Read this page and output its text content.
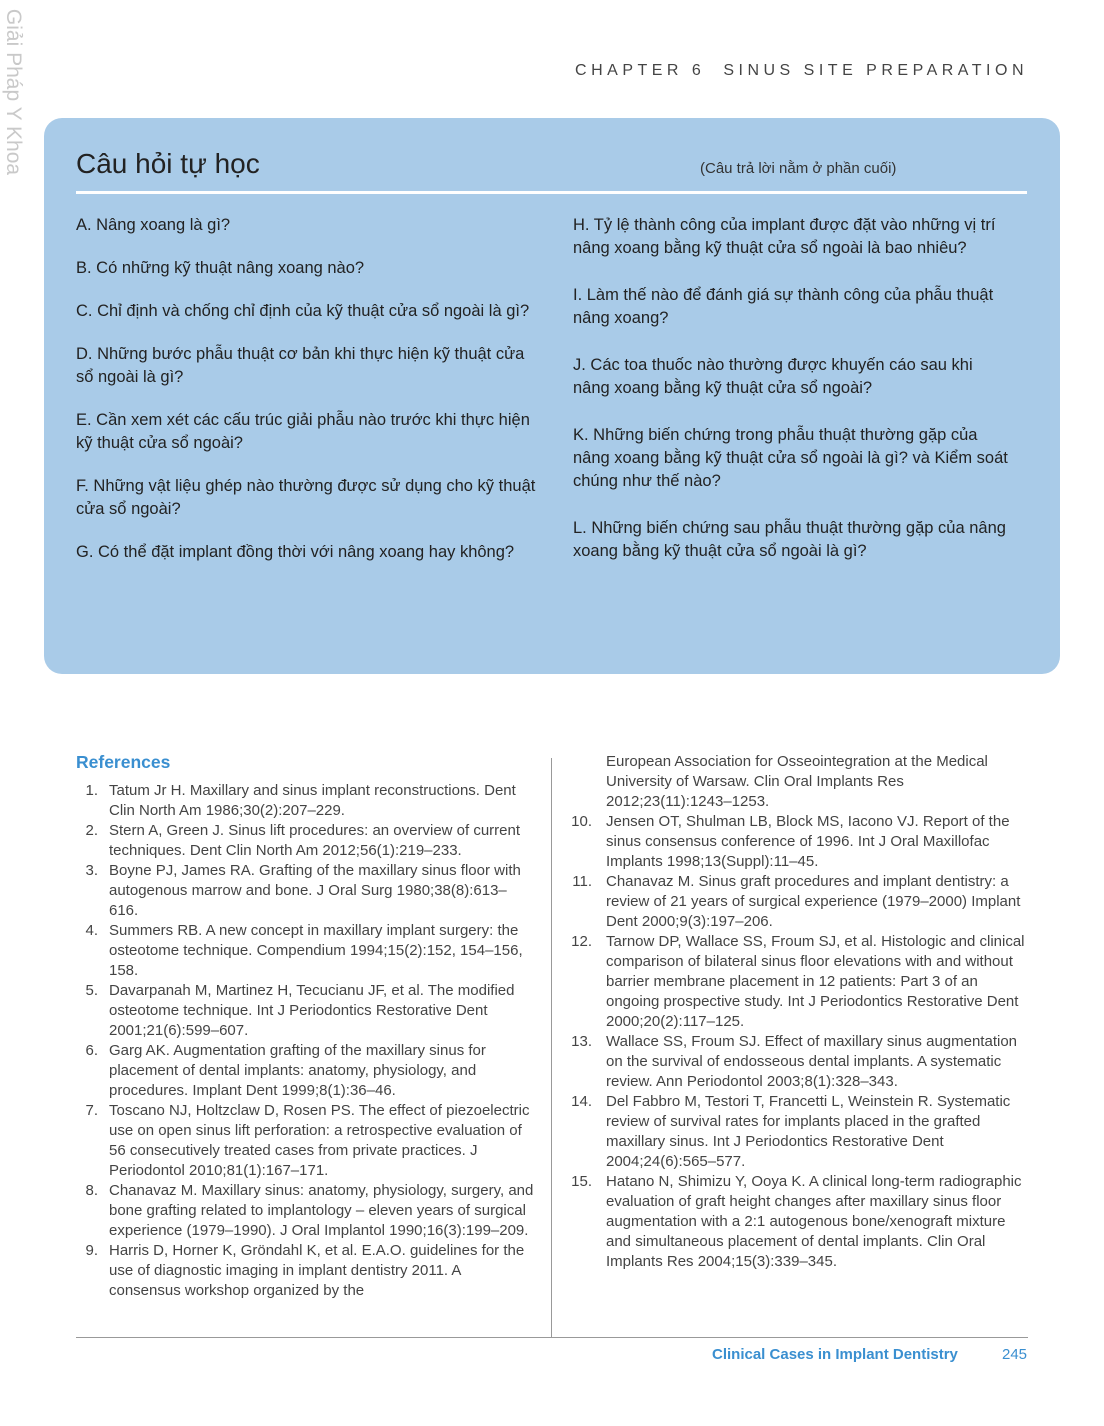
Giải Pháp Y Khoa	CHAPTER 6 SINUS SITE PREPARATION
Câu hỏi tự học	(Câu trả lời nằm ở phần cuối)

A. Nâng xoang là gì?

B. Có những kỹ thuật nâng xoang nào?

C. Chỉ định và chống chỉ định của kỹ thuật cửa sổ ngoài là gì?

D. Những bước phẫu thuật cơ bản khi thực hiện kỹ thuật cửa sổ ngoài là gì?

E. Cần xem xét các cấu trúc giải phẫu nào trước khi thực hiện kỹ thuật cửa sổ ngoài?

F. Những vật liệu ghép nào thường được sử dụng cho kỹ thuật cửa sổ ngoài?

G. Có thể đặt implant đồng thời với nâng xoang hay không?

H. Tỷ lệ thành công của implant được đặt vào những vị trí nâng xoang bằng kỹ thuật cửa sổ ngoài là bao nhiêu?

I. Làm thế nào để đánh giá sự thành công của phẫu thuật nâng xoang?

J. Các toa thuốc nào thường được khuyến cáo sau khi nâng xoang bằng kỹ thuật cửa sổ ngoài?

K. Những biến chứng trong phẫu thuật thường gặp của nâng xoang bằng kỹ thuật cửa sổ ngoài là gì? và Kiểm soát chúng như thế nào?

L. Những biến chứng sau phẫu thuật thường gặp của nâng xoang bằng kỹ thuật cửa sổ ngoài là gì?

References
1. Tatum Jr H. Maxillary and sinus implant reconstructions. Dent Clin North Am 1986;30(2):207–229.
2. Stern A, Green J. Sinus lift procedures: an overview of current techniques. Dent Clin North Am 2012;56(1):219–233.
3. Boyne PJ, James RA. Grafting of the maxillary sinus floor with autogenous marrow and bone. J Oral Surg 1980;38(8):613–616.
4. Summers RB. A new concept in maxillary implant surgery: the osteotome technique. Compendium 1994;15(2):152, 154–156, 158.
5. Davarpanah M, Martinez H, Tecucianu JF, et al. The modified osteotome technique. Int J Periodontics Restorative Dent 2001;21(6):599–607.
6. Garg AK. Augmentation grafting of the maxillary sinus for placement of dental implants: anatomy, physiology, and procedures. Implant Dent 1999;8(1):36–46.
7. Toscano NJ, Holtzclaw D, Rosen PS. The effect of piezoelectric use on open sinus lift perforation: a retrospective evaluation of 56 consecutively treated cases from private practices. J Periodontol 2010;81(1):167–171.
8. Chanavaz M. Maxillary sinus: anatomy, physiology, surgery, and bone grafting related to implantology – eleven years of surgical experience (1979–1990). J Oral Implantol 1990;16(3):199–209.
9. Harris D, Horner K, Gröndahl K, et al. E.A.O. guidelines for the use of diagnostic imaging in implant dentistry 2011. A consensus workshop organized by the
European Association for Osseointegration at the Medical University of Warsaw. Clin Oral Implants Res 2012;23(11):1243–1253.
10. Jensen OT, Shulman LB, Block MS, Iacono VJ. Report of the sinus consensus conference of 1996. Int J Oral Maxillofac Implants 1998;13(Suppl):11–45.
11. Chanavaz M. Sinus graft procedures and implant dentistry: a review of 21 years of surgical experience (1979–2000) Implant Dent 2000;9(3):197–206.
12. Tarnow DP, Wallace SS, Froum SJ, et al. Histologic and clinical comparison of bilateral sinus floor elevations with and without barrier membrane placement in 12 patients: Part 3 of an ongoing prospective study. Int J Periodontics Restorative Dent 2000;20(2):117–125.
13. Wallace SS, Froum SJ. Effect of maxillary sinus augmentation on the survival of endosseous dental implants. A systematic review. Ann Periodontol 2003;8(1):328–343.
14. Del Fabbro M, Testori T, Francetti L, Weinstein R. Systematic review of survival rates for implants placed in the grafted maxillary sinus. Int J Periodontics Restorative Dent 2004;24(6):565–577.
15. Hatano N, Shimizu Y, Ooya K. A clinical long-term radiographic evaluation of graft height changes after maxillary sinus floor augmentation with a 2:1 autogenous bone/xenograft mixture and simultaneous placement of dental implants. Clin Oral Implants Res 2004;15(3):339–345.
Clinical Cases in Implant Dentistry	245
